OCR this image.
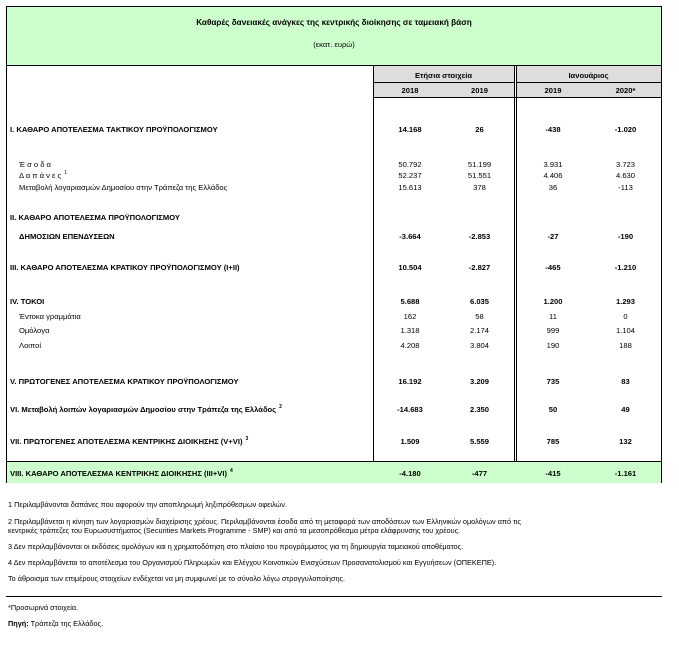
Καθαρές δανειακές ανάγκες της κεντρικής διοίκησης σε ταμειακή βάση
(εκατ. ευρώ)
Ετήσια στοιχεία	Ιανουάριος
2018	2019	2019	2020*
I. ΚΑΘΑΡΟ ΑΠΟΤΕΛΕΣΜΑ ΤΑΚΤΙΚΟΥ ΠΡΟΫΠΟΛΟΓΙΣΜΟΥ	14.168	26	-438	-1.020
Έ σ ο δ α	50.792	51.199	3.931	3.723
Δ α π ά ν ε ς $^1$	52.237	51.551	4.406	4.630
Μεταβολή λογαριασμών Δημοσίου στην Τράπεζα της Ελλάδος	15.613	378	36	-113
II. ΚΑΘΑΡΟ ΑΠΟΤΕΛΕΣΜΑ ΠΡΟΫΠΟΛΟΓΙΣΜΟΥ
ΔΗΜΟΣΙΩΝ ΕΠΕΝΔΥΣΕΩΝ	-3.664	-2.853	-27	-190
III. ΚΑΘΑΡΟ ΑΠΟΤΕΛΕΣΜΑ ΚΡΑΤΙΚΟΥ ΠΡΟΫΠΟΛΟΓΙΣΜΟΥ (I+II)	10.504	-2.827	-465	-1.210
IV. ΤΟΚΟΙ	5.688	6.035	1.200	1.293
Έντοκα γραμμάτια	162	58	11	0
Ομόλογα	1.318	2.174	999	1.104
Λοιποί	4.208	3.804	190	188
V. ΠΡΩΤΟΓΕΝΕΣ ΑΠΟΤΕΛΕΣΜΑ ΚΡΑΤΙΚΟΥ ΠΡΟΫΠΟΛΟΓΙΣΜΟΥ	16.192	3.209	735	83
VI. Μεταβολή λοιπών λογαριασμών Δημοσίου στην Τράπεζα της Ελλάδος $^2$	-14.683	2.350	50	49
VII. ΠΡΩΤΟΓΕΝΕΣ ΑΠΟΤΕΛΕΣΜΑ ΚΕΝΤΡΙΚΗΣ ΔΙΟΙΚΗΣΗΣ (V+VI) $^3$	1.509	5.559	785	132
VIII. ΚΑΘΑΡΟ ΑΠΟΤΕΛΕΣΜΑ ΚΕΝΤΡΙΚΗΣ ΔΙΟΙΚΗΣΗΣ (III+VI) $^4$	-4.180	-477	-415	-1.161
1 Περιλαμβάνονται δαπάνες που αφορούν την αποπληρωμή ληξιπρόθεσμων οφειλών.
2 Περιλαμβάνεται η κίνηση των λογαριασμών διαχείρισης χρέους. Περιλαμβάνονται έσοδα από τη μεταφορά των αποδόσεων των Ελληνικών ομολόγων από τις
κεντρικές τράπεζες του Ευρωσυστήματος (Securities Markets Programme - SMP) και από τα μεσοπρόθεσμα μέτρα ελάφρυνσης του χρέους.
3 Δεν περιλαμβάνονται οι εκδόσεις ομολόγων και η χρηματοδότηση στο πλαίσιο του προγράμματος για τη δημιουργία ταμειακού αποθέματος.
4 Δεν περιλαμβάνεται το αποτέλεσμα του Οργανισμού Πληρωμών και Ελέγχου Κοινοτικών Ενισχύσεων Προσανατολισμού και Εγγυήσεων (ΟΠΕΚΕΠΕ).
Το άθροισμα των επιμέρους στοιχείων ενδέχεται να μη συμφωνεί με το σύνολο λόγω στρογγυλοποίησης.
*Προσωρινά στοιχεία.
Πηγή: Τράπεζα της Ελλάδος.
